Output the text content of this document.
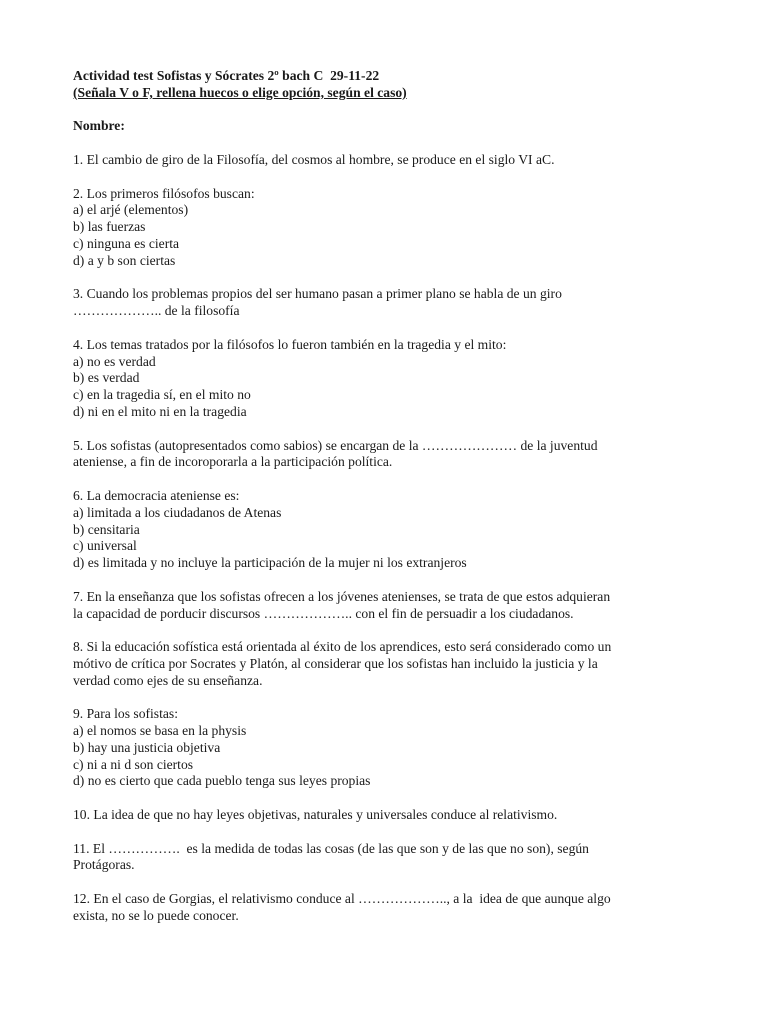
Actividad test Sofistas y Sócrates 2º bach C  29-11-22
(Señala V o F, rellena huecos o elige opción, según el caso)
Nombre:
1. El cambio de giro de la Filosofía, del cosmos al hombre, se produce en el siglo VI aC.
2. Los primeros filósofos buscan:
a) el arjé (elementos)
b) las fuerzas
c) ninguna es cierta
d) a y b son ciertas
3. Cuando los problemas propios del ser humano pasan a primer plano se habla de un giro
……………….. de la filosofía
4. Los temas tratados por la filósofos lo fueron también en la tragedia y el mito:
a) no es verdad
b) es verdad
c) en la tragedia sí, en el mito no
d) ni en el mito ni en la tragedia
5. Los sofistas (autopresentados como sabios) se encargan de la ………………… de la juventud
ateniense, a fin de incoroporarla a la participación política.
6. La democracia ateniense es:
a) limitada a los ciudadanos de Atenas
b) censitaria
c) universal
d) es limitada y no incluye la participación de la mujer ni los extranjeros
7. En la enseñanza que los sofistas ofrecen a los jóvenes atenienses, se trata de que estos adquieran
la capacidad de porducir discursos ……………….. con el fin de persuadir a los ciudadanos.
8. Si la educación sofística está orientada al éxito de los aprendices, esto será considerado como un
mótivo de crítica por Socrates y Platón, al considerar que los sofistas han incluido la justicia y la
verdad como ejes de su enseñanza.
9. Para los sofistas:
a) el nomos se basa en la physis
b) hay una justicia objetiva
c) ni a ni d son ciertos
d) no es cierto que cada pueblo tenga sus leyes propias
10. La idea de que no hay leyes objetivas, naturales y universales conduce al relativismo.
11. El …………….  es la medida de todas las cosas (de las que son y de las que no son), según
Protágoras.
12. En el caso de Gorgias, el relativismo conduce al ……………….., a la  idea de que aunque algo
exista, no se lo puede conocer.
